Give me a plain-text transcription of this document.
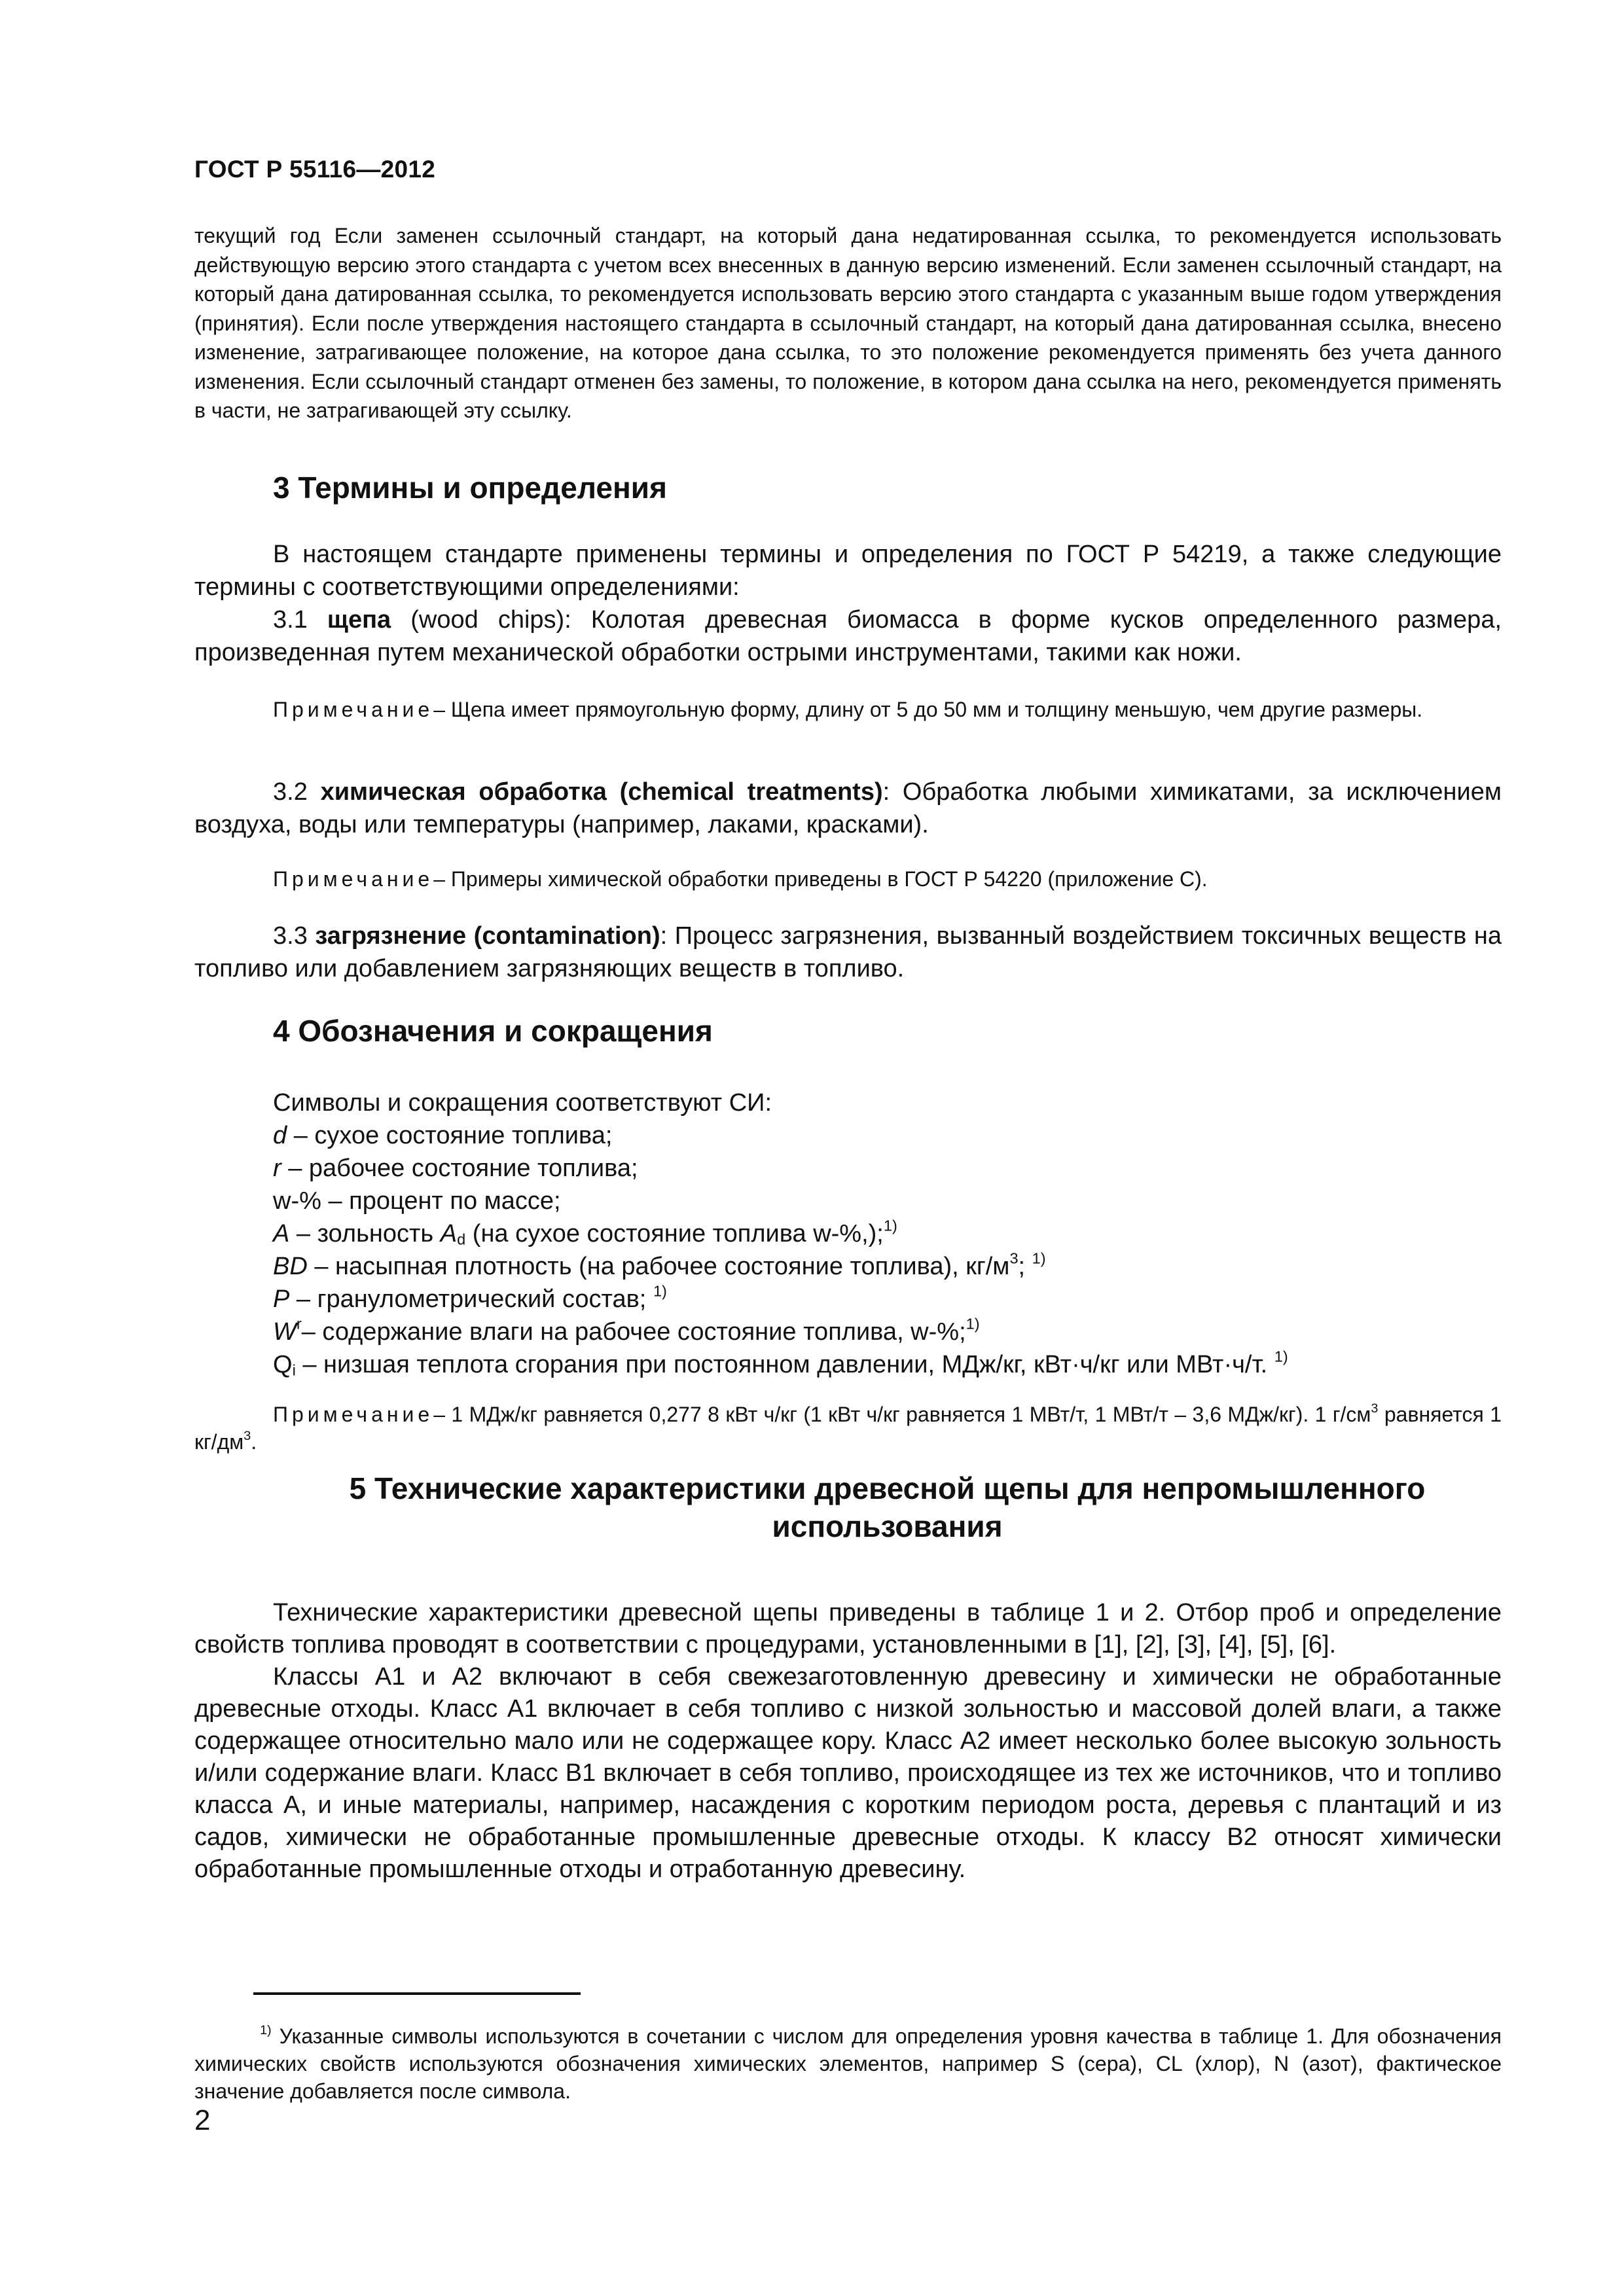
ГОСТ Р 55116—2012

текущий год Если заменен ссылочный стандарт, на который дана недатированная ссылка, то рекомендуется использовать действующую версию этого стандарта с учетом всех внесенных в данную версию изменений. Если заменен ссылочный стандарт, на который дана датированная ссылка, то рекомендуется использовать версию этого стандарта с указанным выше годом утверждения (принятия). Если после утверждения настоящего стандарта в ссылочный стандарт, на который дана датированная ссылка, внесено изменение, затрагивающее положение, на которое дана ссылка, то это положение рекомендуется применять без учета данного изменения. Если ссылочный стандарт отменен без замены, то положение, в котором дана ссылка на него, рекомендуется применять в части, не затрагивающей эту ссылку.

3 Термины и определения

В настоящем стандарте применены термины и определения по ГОСТ Р 54219, а также следующие термины с соответствующими определениями:

3.1 щепа (wood chips): Колотая древесная биомасса в форме кусков определенного размера, произведенная путем механической обработки острыми инструментами, такими как ножи.

Примечание– Щепа имеет прямоугольную форму, длину от 5 до 50 мм и толщину меньшую, чем другие размеры.

3.2 химическая обработка (chemical treatments): Обработка любыми химикатами, за исключением воздуха, воды или температуры (например, лаками, красками).

Примечание– Примеры химической обработки приведены в ГОСТ Р 54220 (приложение С).

3.3 загрязнение (contamination): Процесс загрязнения, вызванный воздействием токсичных веществ на топливо или добавлением загрязняющих веществ в топливо.

4 Обозначения и сокращения
Символы и сокращения соответствуют СИ:
d – сухое состояние топлива;
r – рабочее состояние топлива;
w-% – процент по массе;
A – зольность $A_d$ (на сухое состояние топлива w-%,);$^{1)}$
BD – насыпная плотность (на рабочее состояние топлива), $кг/м^3$; $^{1)}$
P – гранулометрический состав; $^{1)}$
$W^r-$ содержание влаги на рабочее состояние топлива, w-%;$^{1)}$
$Q_i$ – низшая теплота сгорания при постоянном давлении, МДж/кг, кВт·ч/кг или МВт·ч/т. $^{1)}$

Примечание– 1 МДж/кг равняется 0,277 8 кВт ч/кг (1 кВт ч/кг равняется 1 МВт/т, 1 МВт/т – 3,6 МДж/кг). 1 $г/см^3$ равняется 1 $кг/дм^3$.

5 Технические характеристики древесной щепы для непромышленного использования

Технические характеристики древесной щепы приведены в таблице 1 и 2. Отбор проб и определение свойств топлива проводят в соответствии с процедурами, установленными в [1], [2], [3], [4], [5], [6].

Классы А1 и А2 включают в себя свежезаготовленную древесину и химически не обработанные древесные отходы. Класс А1 включает в себя топливо с низкой зольностью и массовой долей влаги, а также содержащее относительно мало или не содержащее кору. Класс А2 имеет несколько более высокую зольность и/или содержание влаги. Класс В1 включает в себя топливо, происходящее из тех же источников, что и топливо класса А, и иные материалы, например, насаждения с коротким периодом роста, деревья с плантаций и из садов, химически не обработанные промышленные древесные отходы. К классу В2 относят химически обработанные промышленные отходы и отработанную древесину.

$^{1)}$ Указанные символы используются в сочетании с числом для определения уровня качества в таблице 1. Для обозначения химических свойств используются обозначения химических элементов, например S (сера), CL (хлор), N (азот), фактическое значение добавляется после символа.

2
